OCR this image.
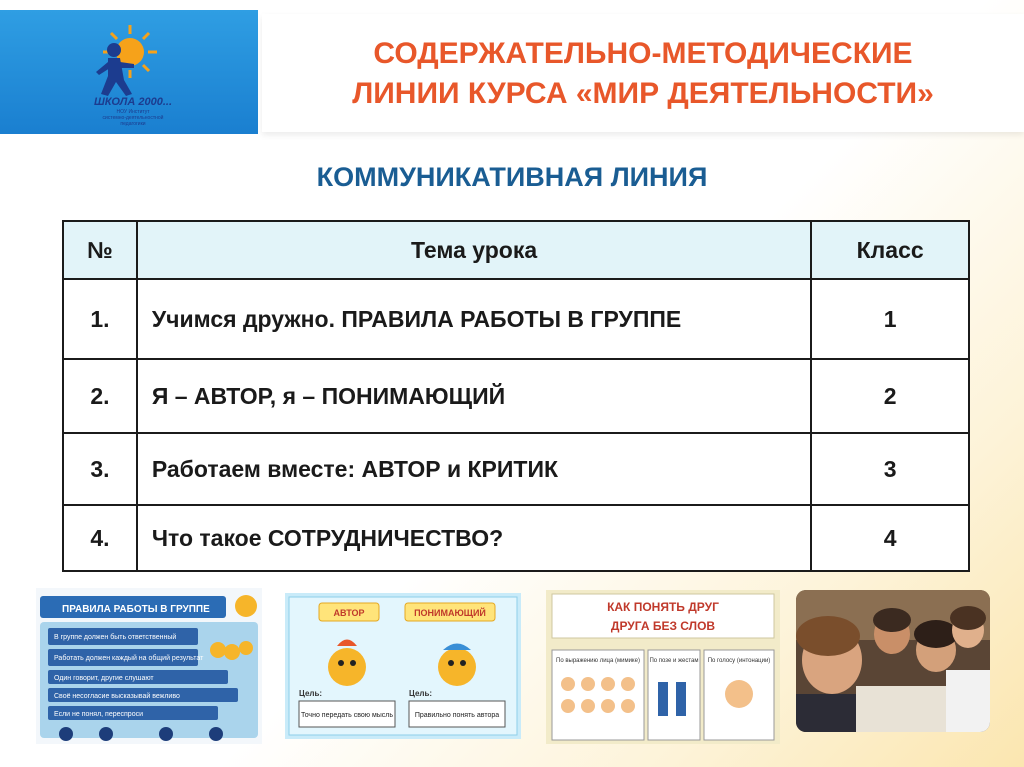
ШКОЛА 2000...
НОУ Институт
системно-деятельностной
педагогики
СОДЕРЖАТЕЛЬНО-МЕТОДИЧЕСКИЕ
ЛИНИИ КУРСА «МИР ДЕЯТЕЛЬНОСТИ»
КОММУНИКАТИВНАЯ ЛИНИЯ
№	Тема урока	Класс
1.	Учимся дружно. ПРАВИЛА РАБОТЫ В ГРУППЕ	1
2.	Я – АВТОР, я – ПОНИМАЮЩИЙ	2
3.	Работаем вместе: АВТОР и КРИТИК	3
4.	Что такое СОТРУДНИЧЕСТВО?	4
ПРАВИЛА РАБОТЫ В ГРУППЕ
В группе должен быть ответственный
Работать должен каждый на общий результат
Один говорит, другие слушают
Своё несогласие высказывай вежливо
Если не понял, переспроси
АВТОР	ПОНИМАЮЩИЙ
Цель:	Цель:
Точно передать свою мысль	Правильно понять автора
КАК ПОНЯТЬ ДРУГ
ДРУГА БЕЗ СЛОВ
По выражению лица (мимике) По позе и жестам По голосу (интонации)
